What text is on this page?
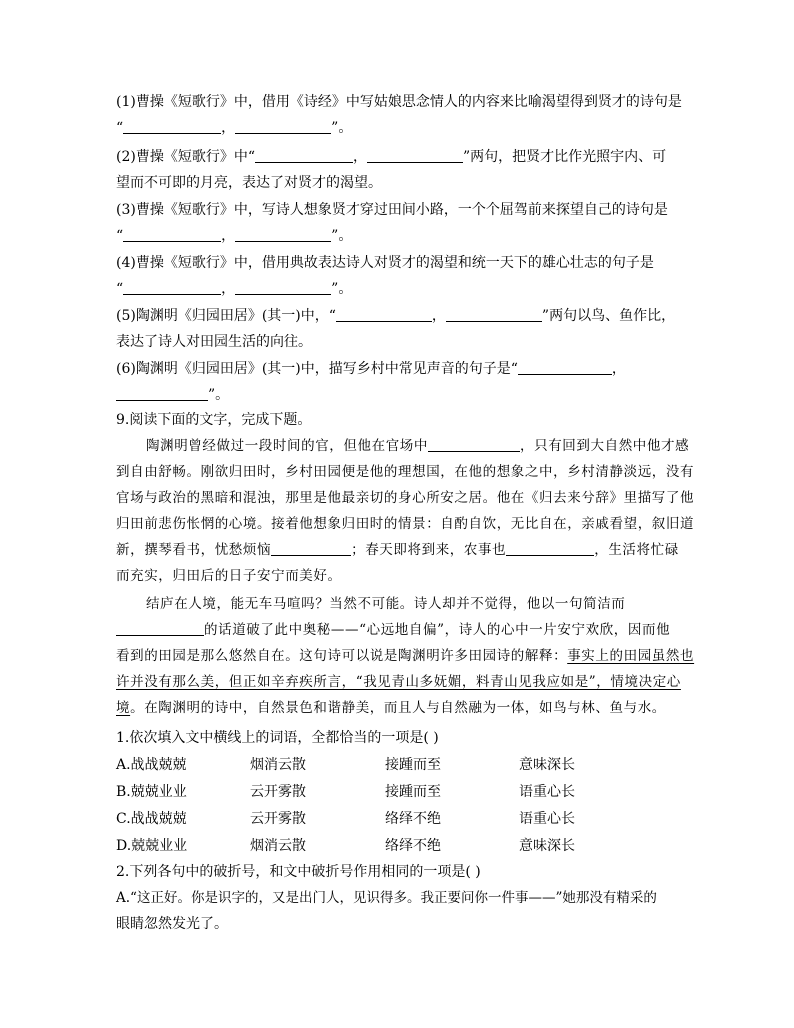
(1)曹操《短歌行》中，借用《诗经》中写姑娘思念情人的内容来比喻渴望得到贤才的诗句是
“	，	”。
(2)曹操《短歌行》中“	，	”两句，把贤才比作光照宇内、可
望而不可即的月亮，表达了对贤才的渴望。
(3)曹操《短歌行》中，写诗人想象贤才穿过田间小路，一个个屈驾前来探望自己的诗句是
“	，	”。
(4)曹操《短歌行》中，借用典故表达诗人对贤才的渴望和统一天下的雄心壮志的句子是
“	，	”。
(5)陶渊明《归园田居》(其一)中，“	，	”两句以鸟、鱼作比，
表达了诗人对田园生活的向往。
(6)陶渊明《归园田居》(其一)中，描写乡村中常见声音的句子是“	，
”。
9.阅读下面的文字，完成下题。
陶渊明曾经做过一段时间的官，但他在官场中	，只有回到大自然中他才感
到自由舒畅。刚欲归田时，乡村田园便是他的理想国，在他的想象之中，乡村清静淡远，没有
官场与政治的黑暗和混浊，那里是他最亲切的身心所安之居。他在《归去来兮辞》里描写了他
归田前悲伤怅惘的心境。接着他想象归田时的情景：自酌自饮，无比自在，亲戚看望，叙旧道
新，撰琴看书，忧愁烦恼	；春天即将到来，农事也	，生活将忙碌
而充实，归田后的日子安宁而美好。
结庐在人境，能无车马喧吗？当然不可能。诗人却并不觉得，他以一句简洁而
的话道破了此中奥秘——“心远地自偏”，诗人的心中一片安宁欢欣，因而他
看到的田园是那么悠然自在。这句诗可以说是陶渊明许多田园诗的解释：事实上的田园虽然也
许并没有那么美，但正如辛弃疾所言，“我见青山多妩媚，料青山见我应如是”，情境决定心
境。在陶渊明的诗中，自然景色和谐静美，而且人与自然融为一体，如鸟与林、鱼与水。
1.依次填入文中横线上的词语，全都恰当的一项是( )
A.战战兢兢	烟消云散	接踵而至	意味深长
B.兢兢业业	云开雾散	接踵而至	语重心长
C.战战兢兢	云开雾散	络绎不绝	语重心长
D.兢兢业业	烟消云散	络绎不绝	意味深长
2.下列各句中的破折号，和文中破折号作用相同的一项是( )
A.“这正好。你是识字的，又是出门人，见识得多。我正要问你一件事——”她那没有精采的
眼睛忽然发光了。
